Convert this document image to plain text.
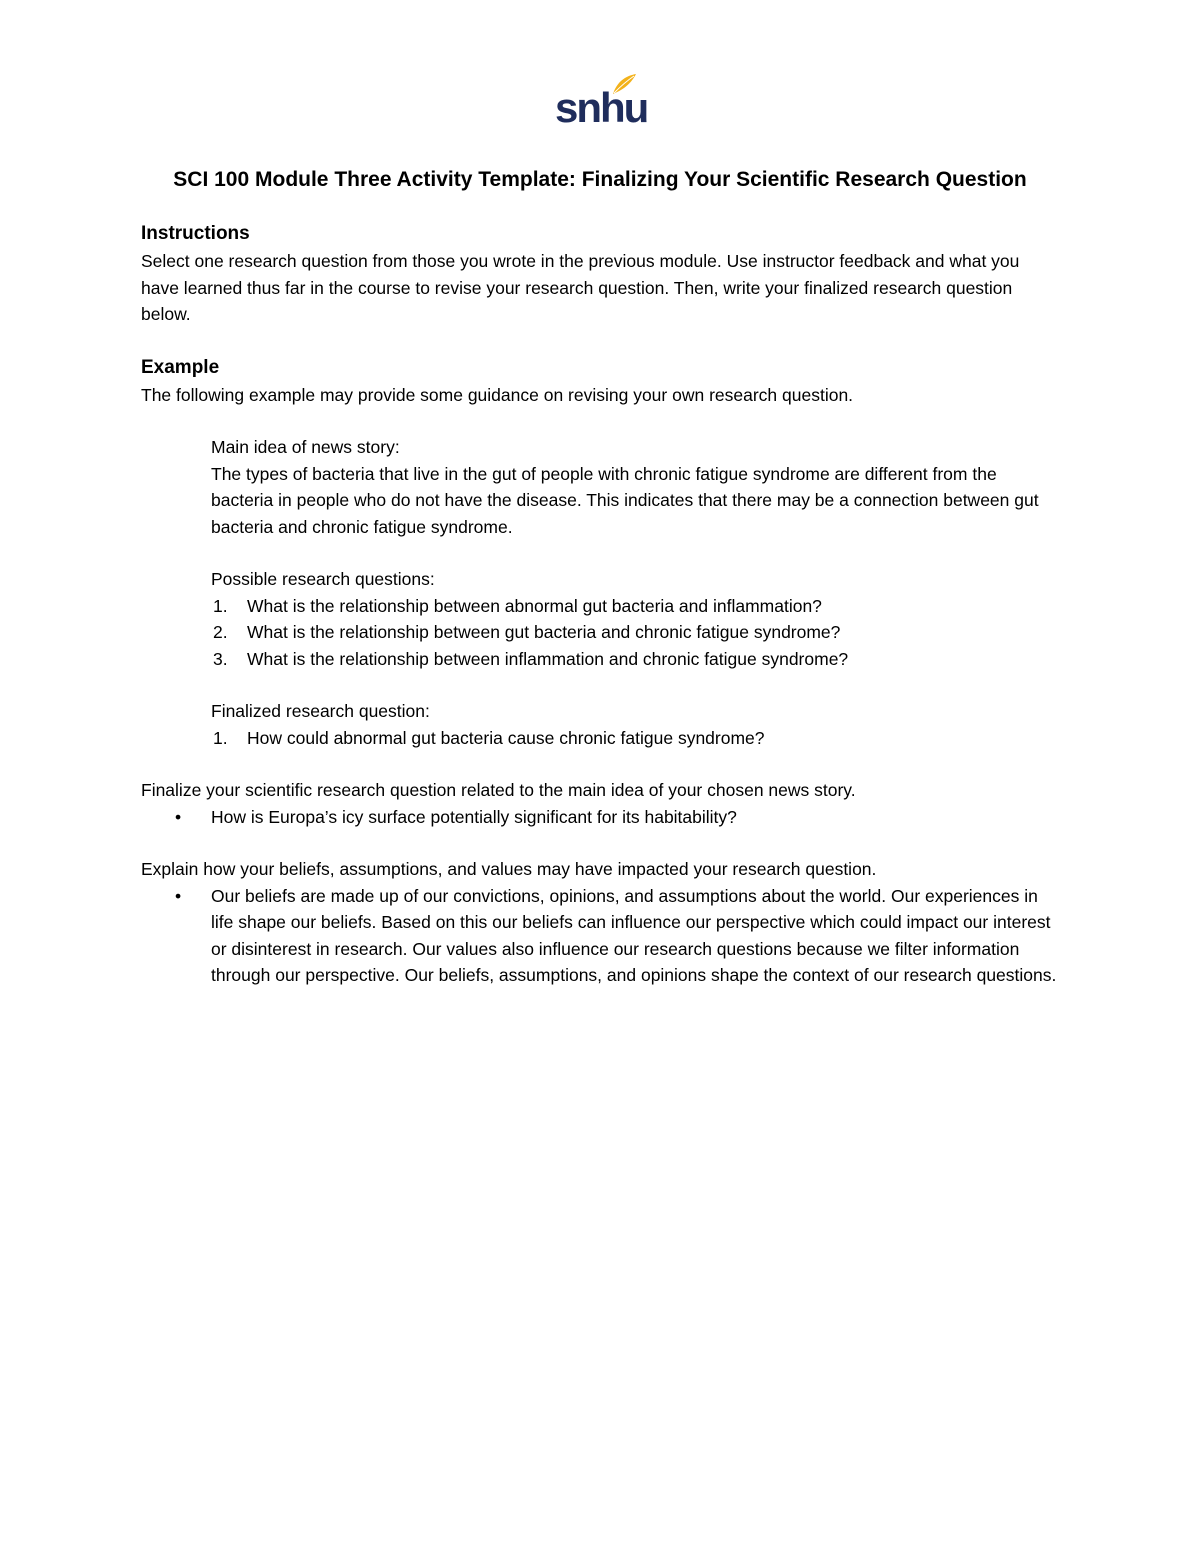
snhu
SCI 100 Module Three Activity Template: Finalizing Your Scientific Research Question
Instructions

Select one research question from those you wrote in the previous module. Use instructor feedback and what you have learned thus far in the course to revise your research question. Then, write your finalized research question below.

Example

The following example may provide some guidance on revising your own research question.

Main idea of news story:

The types of bacteria that live in the gut of people with chronic fatigue syndrome are different from the bacteria in people who do not have the disease. This indicates that there may be a connection between gut bacteria and chronic fatigue syndrome.

Possible research questions:

1. What is the relationship between abnormal gut bacteria and inflammation?
2. What is the relationship between gut bacteria and chronic fatigue syndrome?
3. What is the relationship between inflammation and chronic fatigue syndrome?

Finalized research question:

1. How could abnormal gut bacteria cause chronic fatigue syndrome?

Finalize your scientific research question related to the main idea of your chosen news story.

• How is Europa’s icy surface potentially significant for its habitability?

Explain how your beliefs, assumptions, and values may have impacted your research question.

• Our beliefs are made up of our convictions, opinions, and assumptions about the world. Our experiences in life shape our beliefs. Based on this our beliefs can influence our perspective which could impact our interest or disinterest in research. Our values also influence our research questions because we filter information through our perspective. Our beliefs, assumptions, and opinions shape the context of our research questions.
